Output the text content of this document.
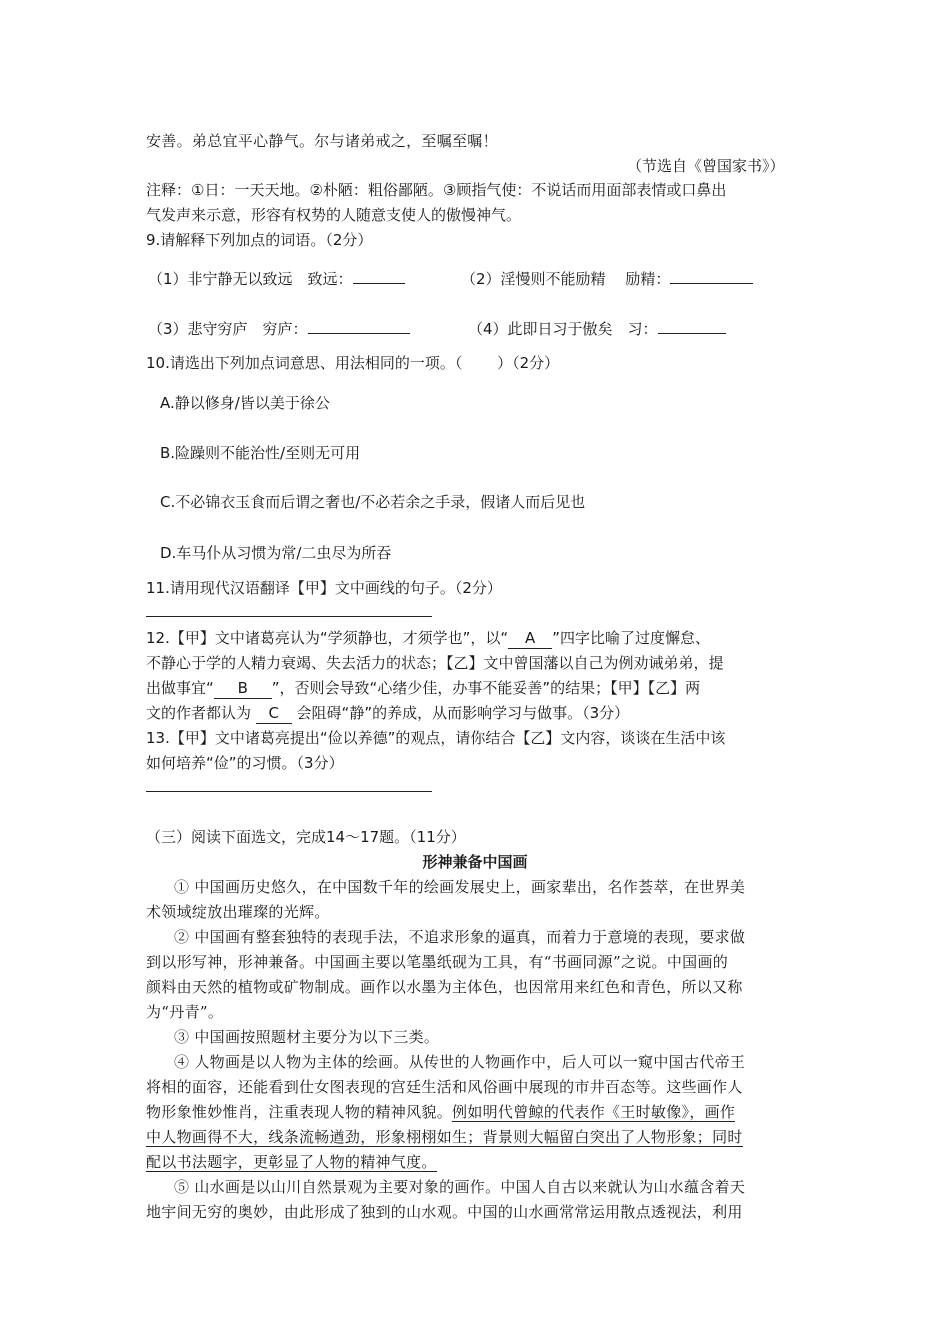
安善。弟总宜平心静气。尔与诸弟戒之，至嘱至嘱！
（节选自《曾国家书》）
注释：①日：一天天地。②朴陋：粗俗鄙陋。③顾指气使：不说话而用面部表情或口鼻出
气发声来示意，形容有权势的人随意支使人的傲慢神气。
9.请解释下列加点的词语。（2分）
（1）非宁静无以致远　致远：	（2）淫慢则不能励精　 励精：
（3）悲守穷庐　穷庐：	（4）此即日习于傲矣　习：
10.请选出下列加点词意思、用法相同的一项。（　　 ）（2分）
A.静以修身/皆以美于徐公
B.险躁则不能治性/至则无可用
C.不必锦衣玉食而后谓之奢也/不必若余之手录，假诸人而后见也
D.车马仆从习惯为常/二虫尽为所吞
11.请用现代汉语翻译【甲】文中画线的句子。（2分）
12.【甲】文中诸葛亮认为“学须静也，才须学也”，以“ A ”四字比喻了过度懈怠、
不静心于学的人精力衰竭、失去活力的状态；【乙】文中曾国藩以自己为例劝诫弟弟，提
出做事宜“ B ”，否则会导致“心绪少佳，办事不能妥善”的结果；【甲】【乙】两
文的作者都认为 C 会阻碍“静”的养成，从而影响学习与做事。（3分）
13.【甲】文中诸葛亮提出“俭以养德”的观点，请你结合【乙】文内容，谈谈在生活中该
如何培养“俭”的习惯。（3分）
（三）阅读下面选文，完成14～17题。（11分）
形神兼备中国画
① 中国画历史悠久，在中国数千年的绘画发展史上，画家辈出，名作荟萃，在世界美
术领域绽放出璀璨的光辉。
② 中国画有整套独特的表现手法，不追求形象的逼真，而着力于意境的表现，要求做
到以形写神，形神兼备。中国画主要以笔墨纸砚为工具，有“书画同源”之说。中国画的
颜料由天然的植物或矿物制成。画作以水墨为主体色，也因常用来红色和青色，所以又称
为“丹青”。
③ 中国画按照题材主要分为以下三类。
④ 人物画是以人物为主体的绘画。从传世的人物画作中，后人可以一窥中国古代帝王
将相的面容，还能看到仕女图表现的宫廷生活和风俗画中展现的市井百态等。这些画作人
物形象惟妙惟肖，注重表现人物的精神风貌。例如明代曾鲸的代表作《王时敏像》，画作
中人物画得不大，线条流畅遒劲，形象栩栩如生；背景则大幅留白突出了人物形象；同时
配以书法题字，更彰显了人物的精神气度。
⑤ 山水画是以山川自然景观为主要对象的画作。中国人自古以来就认为山水蕴含着天
地宇间无穷的奥妙，由此形成了独到的山水观。中国的山水画常常运用散点透视法，利用
